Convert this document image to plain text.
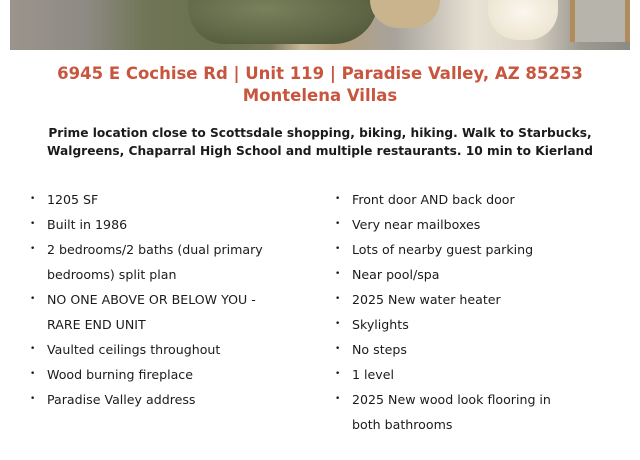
6945 E Cochise Rd | Unit 119 | Paradise Valley, AZ 85253
Montelena Villas
Prime location close to Scottsdale shopping, biking, hiking. Walk to Starbucks,
Walgreens, Chaparral High School and multiple restaurants. 10 min to Kierland
• 1205 SF
• Built in 1986
• 2 bedrooms/2 baths (dual primary
bedrooms) split plan
• NO ONE ABOVE OR BELOW YOU -
RARE END UNIT
• Vaulted ceilings throughout
• Wood burning fireplace
• Paradise Valley address
• Front door AND back door
• Very near mailboxes
• Lots of nearby guest parking
• Near pool/spa
• 2025 New water heater
• Skylights
• No steps
• 1 level
• 2025 New wood look flooring in
both bathrooms
